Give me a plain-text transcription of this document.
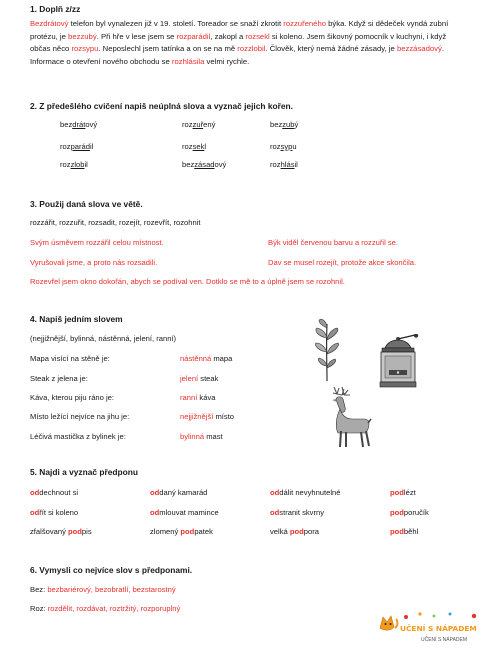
1. Doplň z/zz
Bezdrátový telefon byl vynalezen již v 19. století. Toreador se snaží zkrotit rozzuřeného býka. Když si dědeček vyndá zubní protézu, je bezzubý. Při hře v lese jsem se rozparádil, zakopl a rozsekl si koleno. Jsem šikovný pomocník v kuchyni, i když občas něco rozsypu. Neposlechl jsem tatínka a on se na mě rozzlobil. Člověk, který nemá žádné zásady, je bezzásadový. Informace o otevření nového obchodu se rozhlásila velmi rychle.
2. Z předešlého cvičení napiš neúplná slova a vyznač jejich kořen.
bezdrátový	rozzuřený	bezzubý
rozparádil	rozsekl	rozsypu
rozzlobil	bezzásadový	rozhlásil
3. Použij daná slova ve větě.
rozzářit, rozzuřit, rozsadit, rozejít, rozevřít, rozohnit
Svým úsměvem rozzářil celou místnost.	Býk viděl červenou barvu a rozzuřil se.
Vyrušovali jsme, a proto nás rozsadili.	Dav se musel rozejít, protože akce skončila.
Rozevřel jsem okno dokořán, abych se podíval ven. Dotklo se mě to a úplně jsem se rozohnil.
4. Napiš jedním slovem
(nejjižnější, bylinná, nástěnná, jelení, ranní)
Mapa visící na stěně je:	nástěnná mapa
Steak z jelena je:	jelení steak
Káva, kterou piju ráno je:	ranní káva
Místo ležící nejvíce na jihu je:	nejjižnější místo
Léčivá mastička z bylinek je:	bylinná mast
5. Najdi a vyznač předponu
oddechnout si	oddaný kamarád	oddálit nevyhnutelné	podlézt
odřít si koleno	odmlouvat mamince	odstranit skvrny	podporučík
zfalšovaný podpis	zlomený podpatek	velká podpora	podběhl
6. Vymysli co nejvíce slov s předponami.
Bez: bezbariérový, bezobratlí, bezstarostný
Roz: rozdělit, rozdávat, roztržitý, rozporuplný
UČENÍ S NÁPADEM
UČENÍ S NÁPADEM
